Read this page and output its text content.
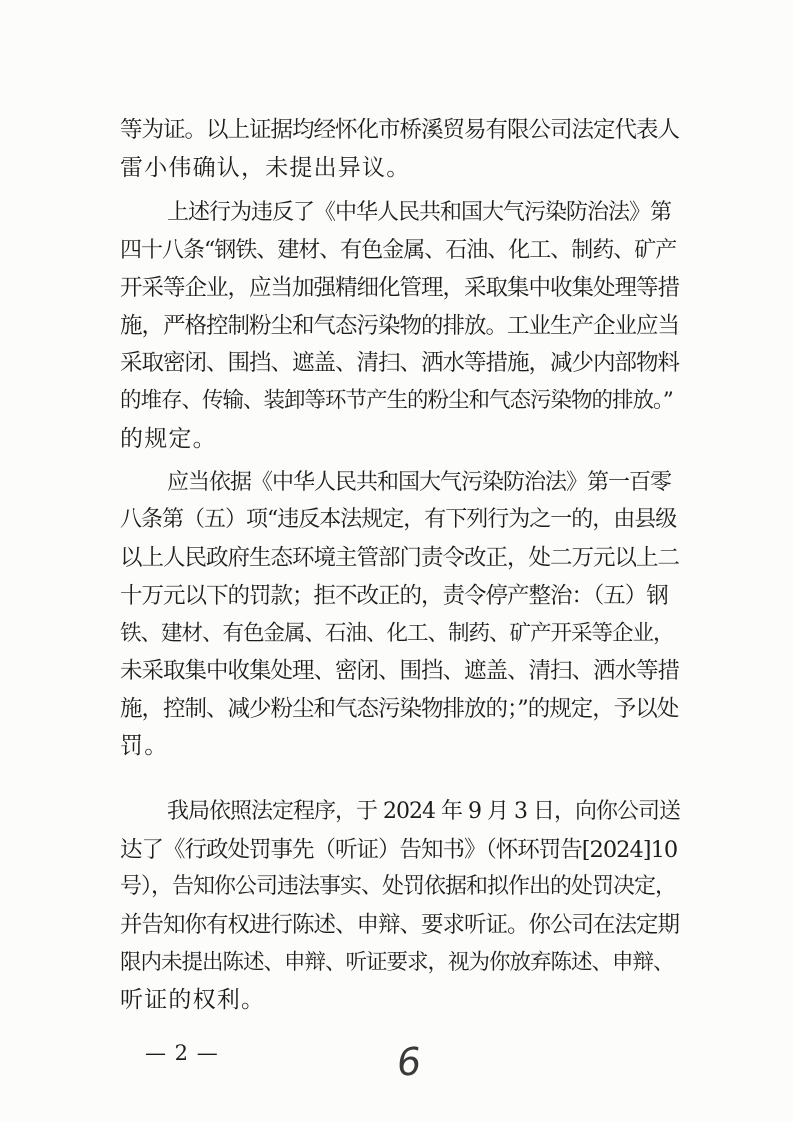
等为证。以上证据均经怀化市桥溪贸易有限公司法定代表人
雷小伟确认，未提出异议。
上述行为违反了《中华人民共和国大气污染防治法》第
四十八条“钢铁、建材、有色金属、石油、化工、制药、矿产
开采等企业，应当加强精细化管理，采取集中收集处理等措
施，严格控制粉尘和气态污染物的排放。工业生产企业应当
采取密闭、围挡、遮盖、清扫、洒水等措施，减少内部物料
的堆存、传输、装卸等环节产生的粉尘和气态污染物的排放。”
的规定。
应当依据《中华人民共和国大气污染防治法》第一百零
八条第（五）项“违反本法规定，有下列行为之一的，由县级
以上人民政府生态环境主管部门责令改正，处二万元以上二
十万元以下的罚款；拒不改正的，责令停产整治：（五）钢
铁、建材、有色金属、石油、化工、制药、矿产开采等企业，
未采取集中收集处理、密闭、围挡、遮盖、清扫、洒水等措
施，控制、减少粉尘和气态污染物排放的；”的规定，予以处
罚。
我局依照法定程序，于 2024 年 9 月 3 日，向你公司送
达了《行政处罚事先（听证）告知书》（怀环罚告[2024]10
号），告知你公司违法事实、处罚依据和拟作出的处罚决定，
并告知你有权进行陈述、申辩、要求听证。你公司在法定期
限内未提出陈述、申辩、听证要求，视为你放弃陈述、申辩、
听证的权利。
— 2 —	6
